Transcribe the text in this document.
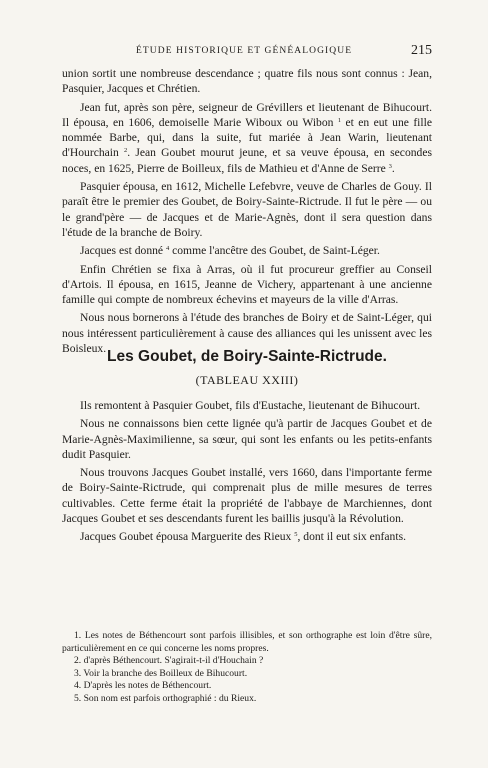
ÉTUDE HISTORIQUE ET GÉNÉALOGIQUE	215

union sortit une nombreuse descendance ; quatre fils nous sont connus : Jean, Pasquier, Jacques et Chrétien.

Jean fut, après son père, seigneur de Grévillers et lieutenant de Bihucourt. Il épousa, en 1606, demoiselle Marie Wiboux ou Wibon $^1$ et en eut une fille nommée Barbe, qui, dans la suite, fut mariée à Jean Warin, lieutenant d'Hourchain $^2$. Jean Goubet mourut jeune, et sa veuve épousa, en secondes noces, en 1625, Pierre de Boilleux, fils de Mathieu et d'Anne de Serre $^3$.

Pasquier épousa, en 1612, Michelle Lefebvre, veuve de Charles de Gouy. Il paraît être le premier des Goubet, de Boiry-Sainte-Rictrude. Il fut le père — ou le grand'père — de Jacques et de Marie-Agnès, dont il sera question dans l'étude de la branche de Boiry.

Jacques est donné $^4$ comme l'ancêtre des Goubet, de Saint-Léger.

Enfin Chrétien se fixa à Arras, où il fut procureur greffier au Conseil d'Artois. Il épousa, en 1615, Jeanne de Vichery, appartenant à une ancienne famille qui compte de nombreux échevins et mayeurs de la ville d'Arras.

Nous nous bornerons à l'étude des branches de Boiry et de Saint-Léger, qui nous intéressent particulièrement à cause des alliances qui les unissent avec les Boisleux. Les Goubet, de Boiry-Sainte-Rictrude.
(TABLEAU XXIII)

Ils remontent à Pasquier Goubet, fils d'Eustache, lieutenant de Bihucourt.

Nous ne connaissons bien cette lignée qu'à partir de Jacques Goubet et de Marie-Agnès-Maximilienne, sa sœur, qui sont les enfants ou les petits-enfants dudit Pasquier.

Nous trouvons Jacques Goubet installé, vers 1660, dans l'importante ferme de Boiry-Sainte-Rictrude, qui comprenait plus de mille mesures de terres cultivables. Cette ferme était la propriété de l'abbaye de Marchiennes, dont Jacques Goubet et ses descendants furent les baillis jusqu'à la Révolution.

Jacques Goubet épousa Marguerite des Rieux $^5$, dont il eut six enfants.

1. Les notes de Béthencourt sont parfois illisibles, et son orthographe est loin d'être sûre, particulièrement en ce qui concerne les noms propres.

2. d'après Béthencourt. S'agirait-t-il d'Houchain ?

3. Voir la branche des Boilleux de Bihucourt.

4. D'après les notes de Béthencourt.

5. Son nom est parfois orthographié : du Rieux.
